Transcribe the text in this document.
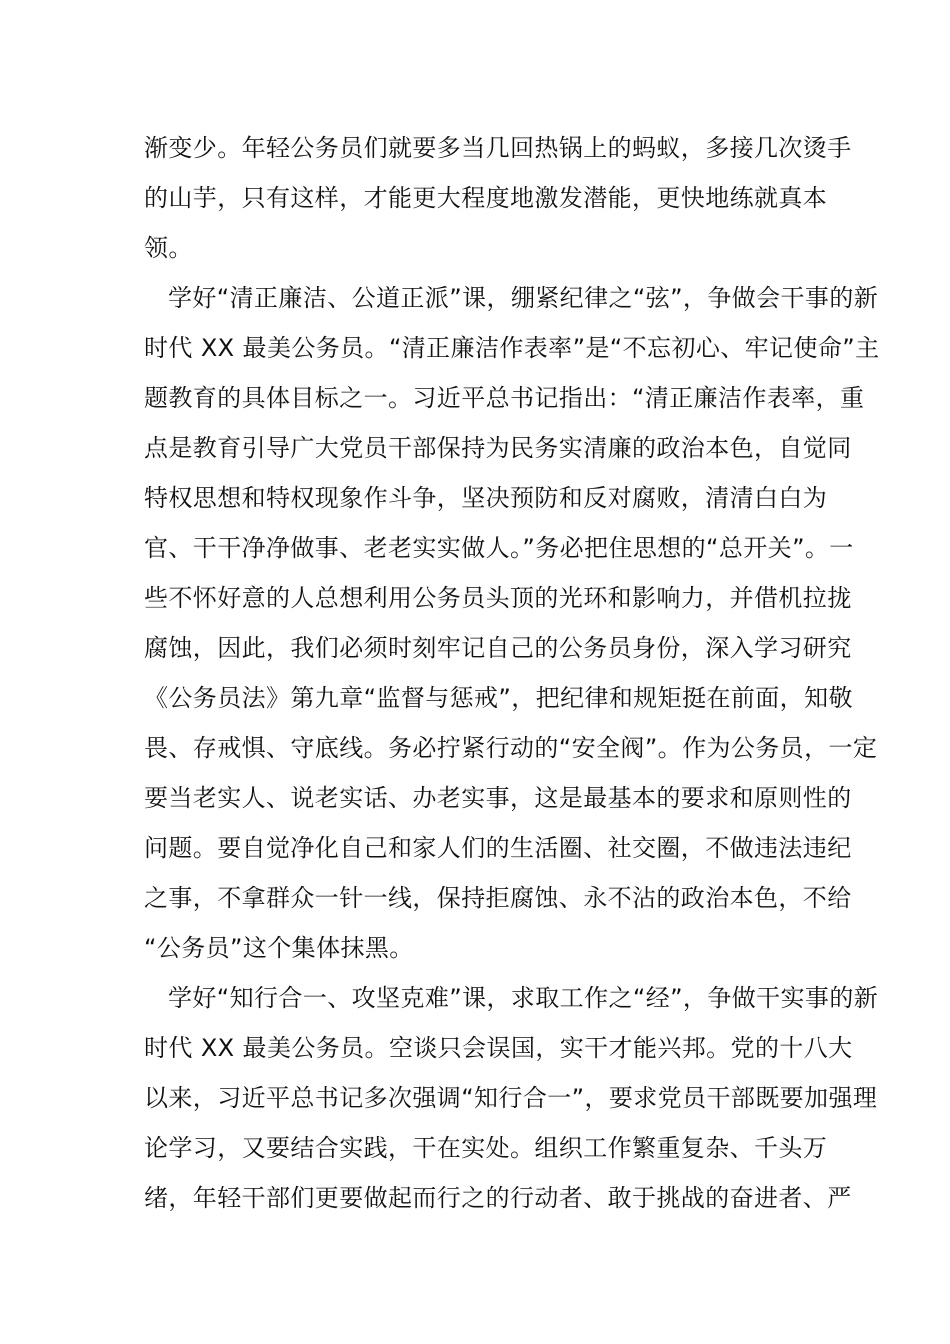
渐变少。年轻公务员们就要多当几回热锅上的蚂蚁，多接几次烫手
的山芋，只有这样，才能更大程度地激发潜能，更快地练就真本
领。
学好“清正廉洁、公道正派”课，绷紧纪律之“弦”，争做会干事的新
时代 XX 最美公务员。“清正廉洁作表率”是“不忘初心、牢记使命”主
题教育的具体目标之一。习近平总书记指出：“清正廉洁作表率，重
点是教育引导广大党员干部保持为民务实清廉的政治本色，自觉同
特权思想和特权现象作斗争，坚决预防和反对腐败，清清白白为
官、干干净净做事、老老实实做人。”务必把住思想的“总开关”。一
些不怀好意的人总想利用公务员头顶的光环和影响力，并借机拉拢
腐蚀，因此，我们必须时刻牢记自己的公务员身份，深入学习研究
《公务员法》第九章“监督与惩戒”，把纪律和规矩挺在前面，知敬
畏、存戒惧、守底线。务必拧紧行动的“安全阀”。作为公务员，一定
要当老实人、说老实话、办老实事，这是最基本的要求和原则性的
问题。要自觉净化自己和家人们的生活圈、社交圈，不做违法违纪
之事，不拿群众一针一线，保持拒腐蚀、永不沾的政治本色，不给
“公务员”这个集体抹黑。
学好“知行合一、攻坚克难”课，求取工作之“经”，争做干实事的新
时代 XX 最美公务员。空谈只会误国，实干才能兴邦。党的十八大
以来，习近平总书记多次强调“知行合一”，要求党员干部既要加强理
论学习，又要结合实践，干在实处。组织工作繁重复杂、千头万
绪，年轻干部们更要做起而行之的行动者、敢于挑战的奋进者、严
